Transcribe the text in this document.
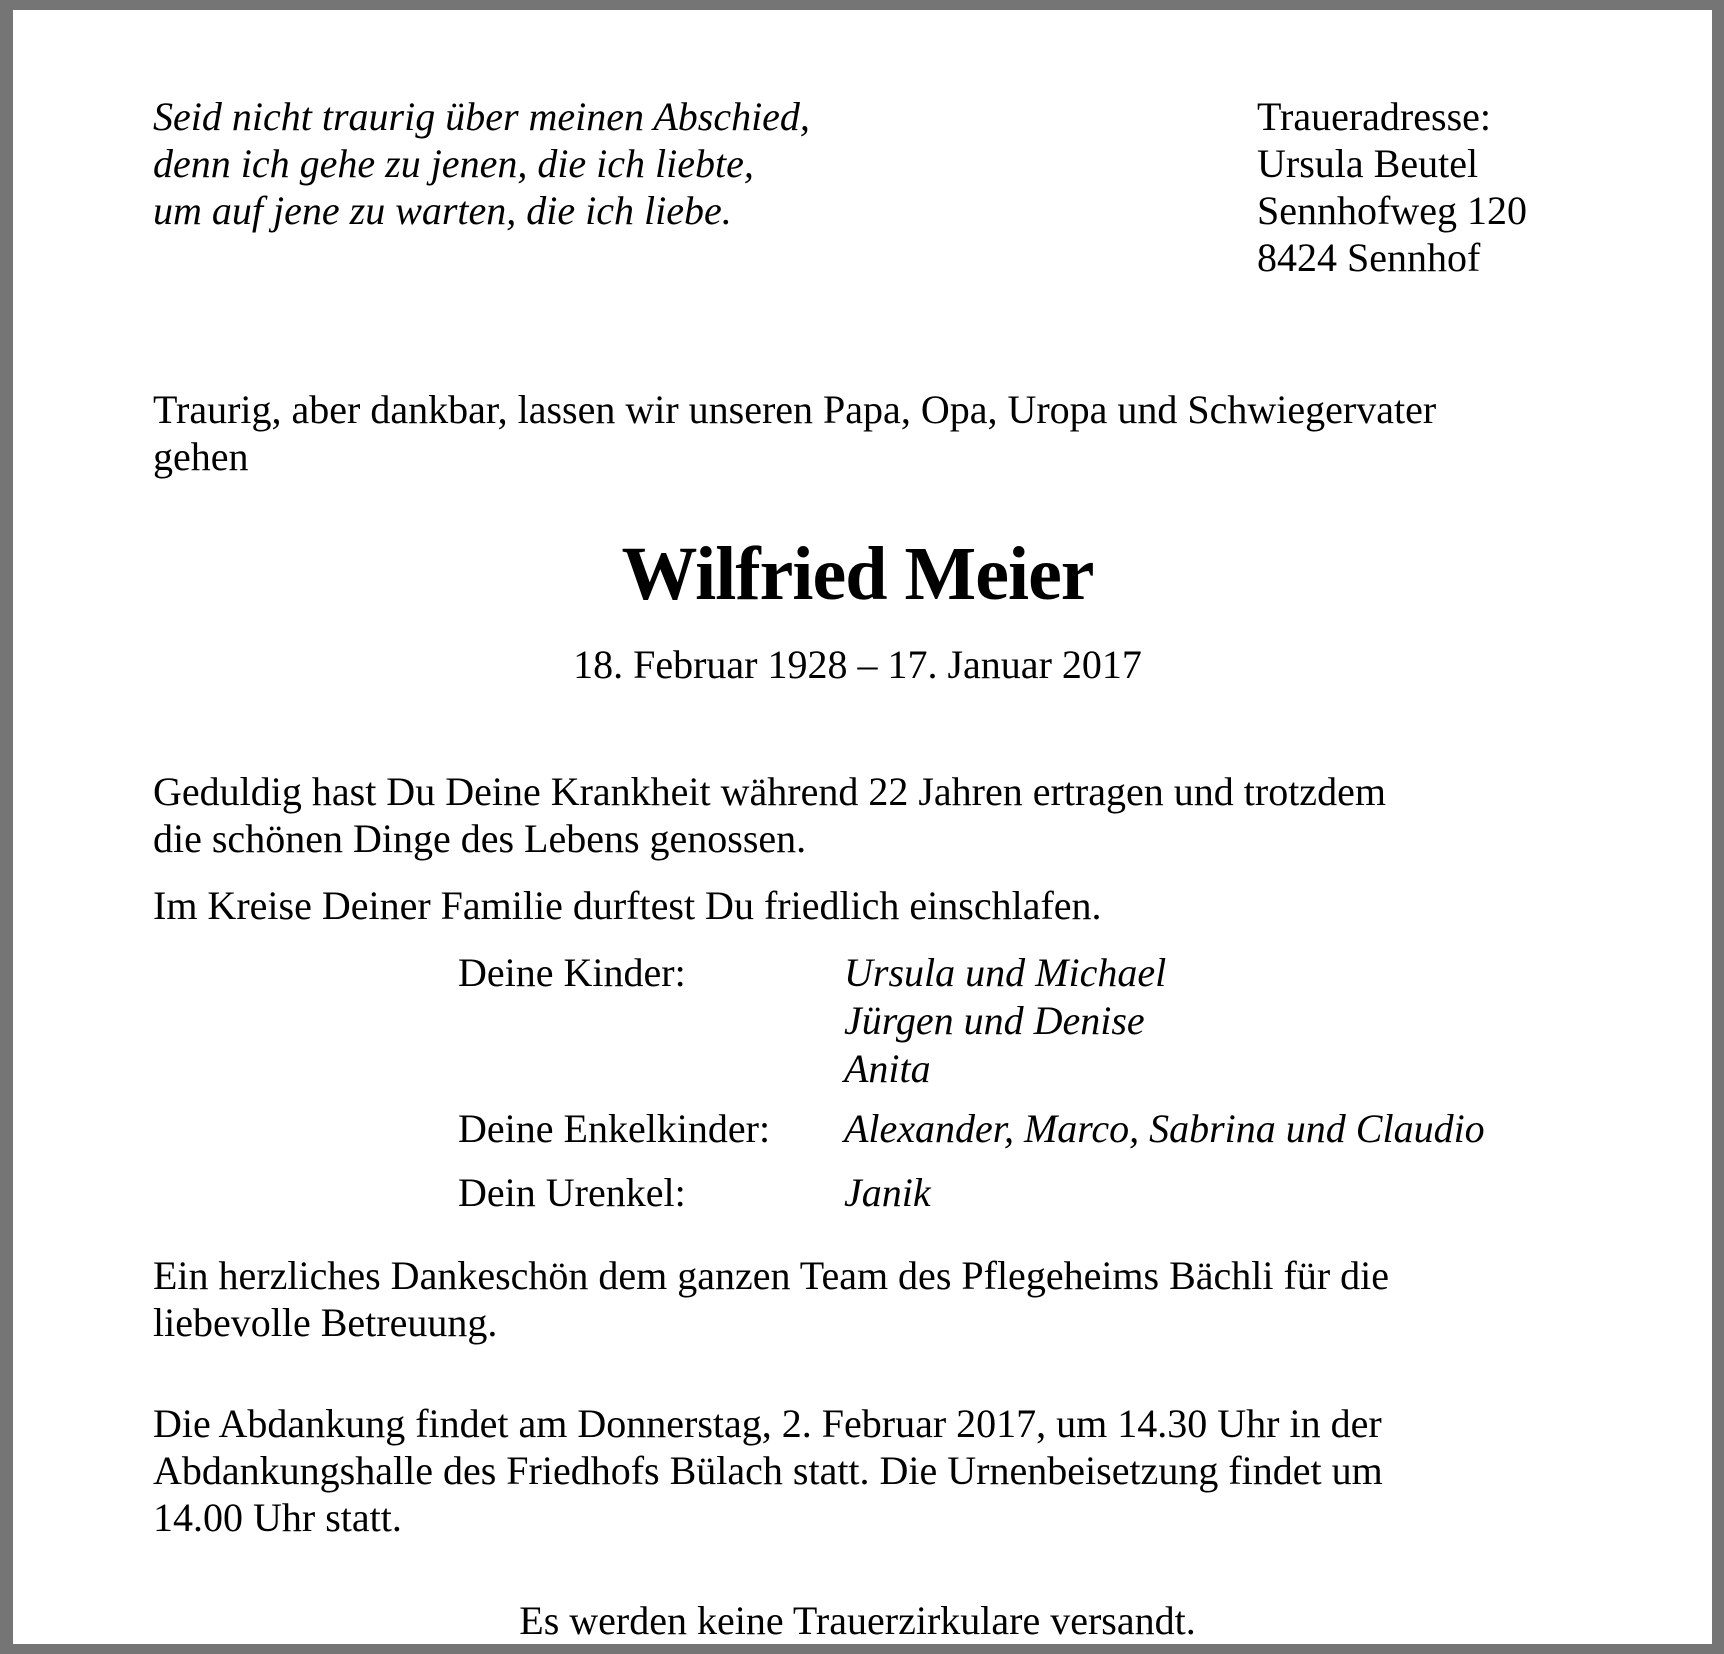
Seid nicht traurig über meinen Abschied,
denn ich gehe zu jenen, die ich liebte,
um auf jene zu warten, die ich liebe.
Traueradresse:
Ursula Beutel
Sennhofweg 120
8424 Sennhof
Traurig, aber dankbar, lassen wir unseren Papa, Opa, Uropa und Schwiegervater
gehen
Wilfried Meier
18. Februar 1928 – 17. Januar 2017
Geduldig hast Du Deine Krankheit während 22 Jahren ertragen und trotzdem
die schönen Dinge des Lebens genossen.
Im Kreise Deiner Familie durftest Du friedlich einschlafen.
Deine Kinder:	Ursula und Michael
Jürgen und Denise
Anita
Deine Enkelkinder:	Alexander, Marco, Sabrina und Claudio
Dein Urenkel:	Janik
Ein herzliches Dankeschön dem ganzen Team des Pflegeheims Bächli für die
liebevolle Betreuung.
Die Abdankung findet am Donnerstag, 2. Februar 2017, um 14.30 Uhr in der
Abdankungshalle des Friedhofs Bülach statt. Die Urnenbeisetzung findet um
14.00 Uhr statt.
Es werden keine Trauerzirkulare versandt.
